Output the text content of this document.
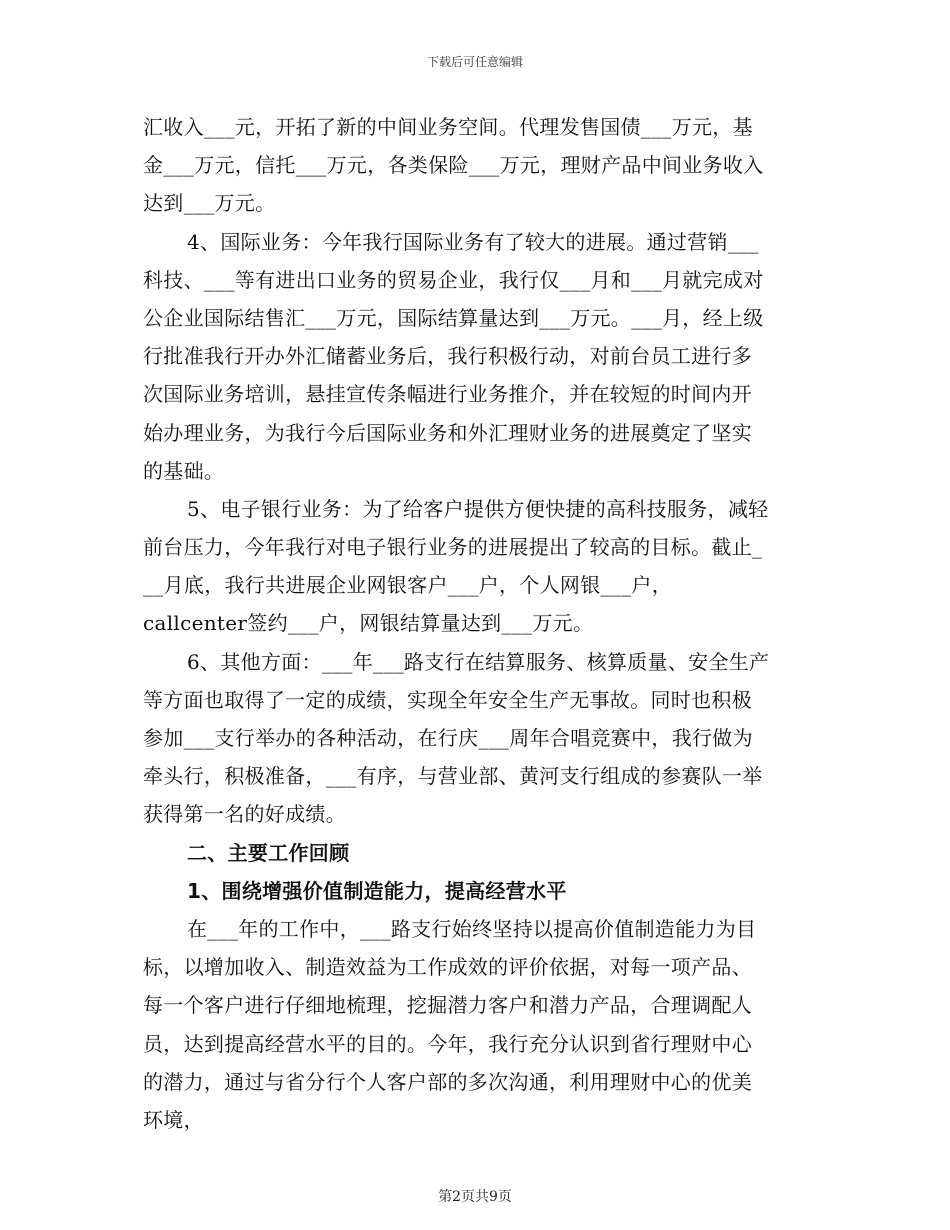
下载后可任意编辑
汇收入___元，开拓了新的中间业务空间。代理发售国债___万元，基
金___万元，信托___万元，各类保险___万元，理财产品中间业务收入
达到___万元。
4、国际业务：今年我行国际业务有了较大的进展。通过营销___
科技、___等有进出口业务的贸易企业，我行仅___月和___月就完成对
公企业国际结售汇___万元，国际结算量达到___万元。___月，经上级
行批准我行开办外汇储蓄业务后，我行积极行动，对前台员工进行多
次国际业务培训，悬挂宣传条幅进行业务推介，并在较短的时间内开
始办理业务，为我行今后国际业务和外汇理财业务的进展奠定了坚实
的基础。
5、电子银行业务：为了给客户提供方便快捷的高科技服务，减轻
前台压力，今年我行对电子银行业务的进展提出了较高的目标。截止_
__月底，我行共进展企业网银客户___户，个人网银___户，
callcenter签约___户，网银结算量达到___万元。
6、其他方面：___年___路支行在结算服务、核算质量、安全生产
等方面也取得了一定的成绩，实现全年安全生产无事故。同时也积极
参加___支行举办的各种活动，在行庆___周年合唱竞赛中，我行做为
牵头行，积极准备，___有序，与营业部、黄河支行组成的参赛队一举
获得第一名的好成绩。
二、主要工作回顾
1、围绕增强价值制造能力，提高经营水平
在___年的工作中，___路支行始终坚持以提高价值制造能力为目
标，以增加收入、制造效益为工作成效的评价依据，对每一项产品、
每一个客户进行仔细地梳理，挖掘潜力客户和潜力产品，合理调配人
员，达到提高经营水平的目的。今年，我行充分认识到省行理财中心
的潜力，通过与省分行个人客户部的多次沟通，利用理财中心的优美
环境，
第2页共9页
